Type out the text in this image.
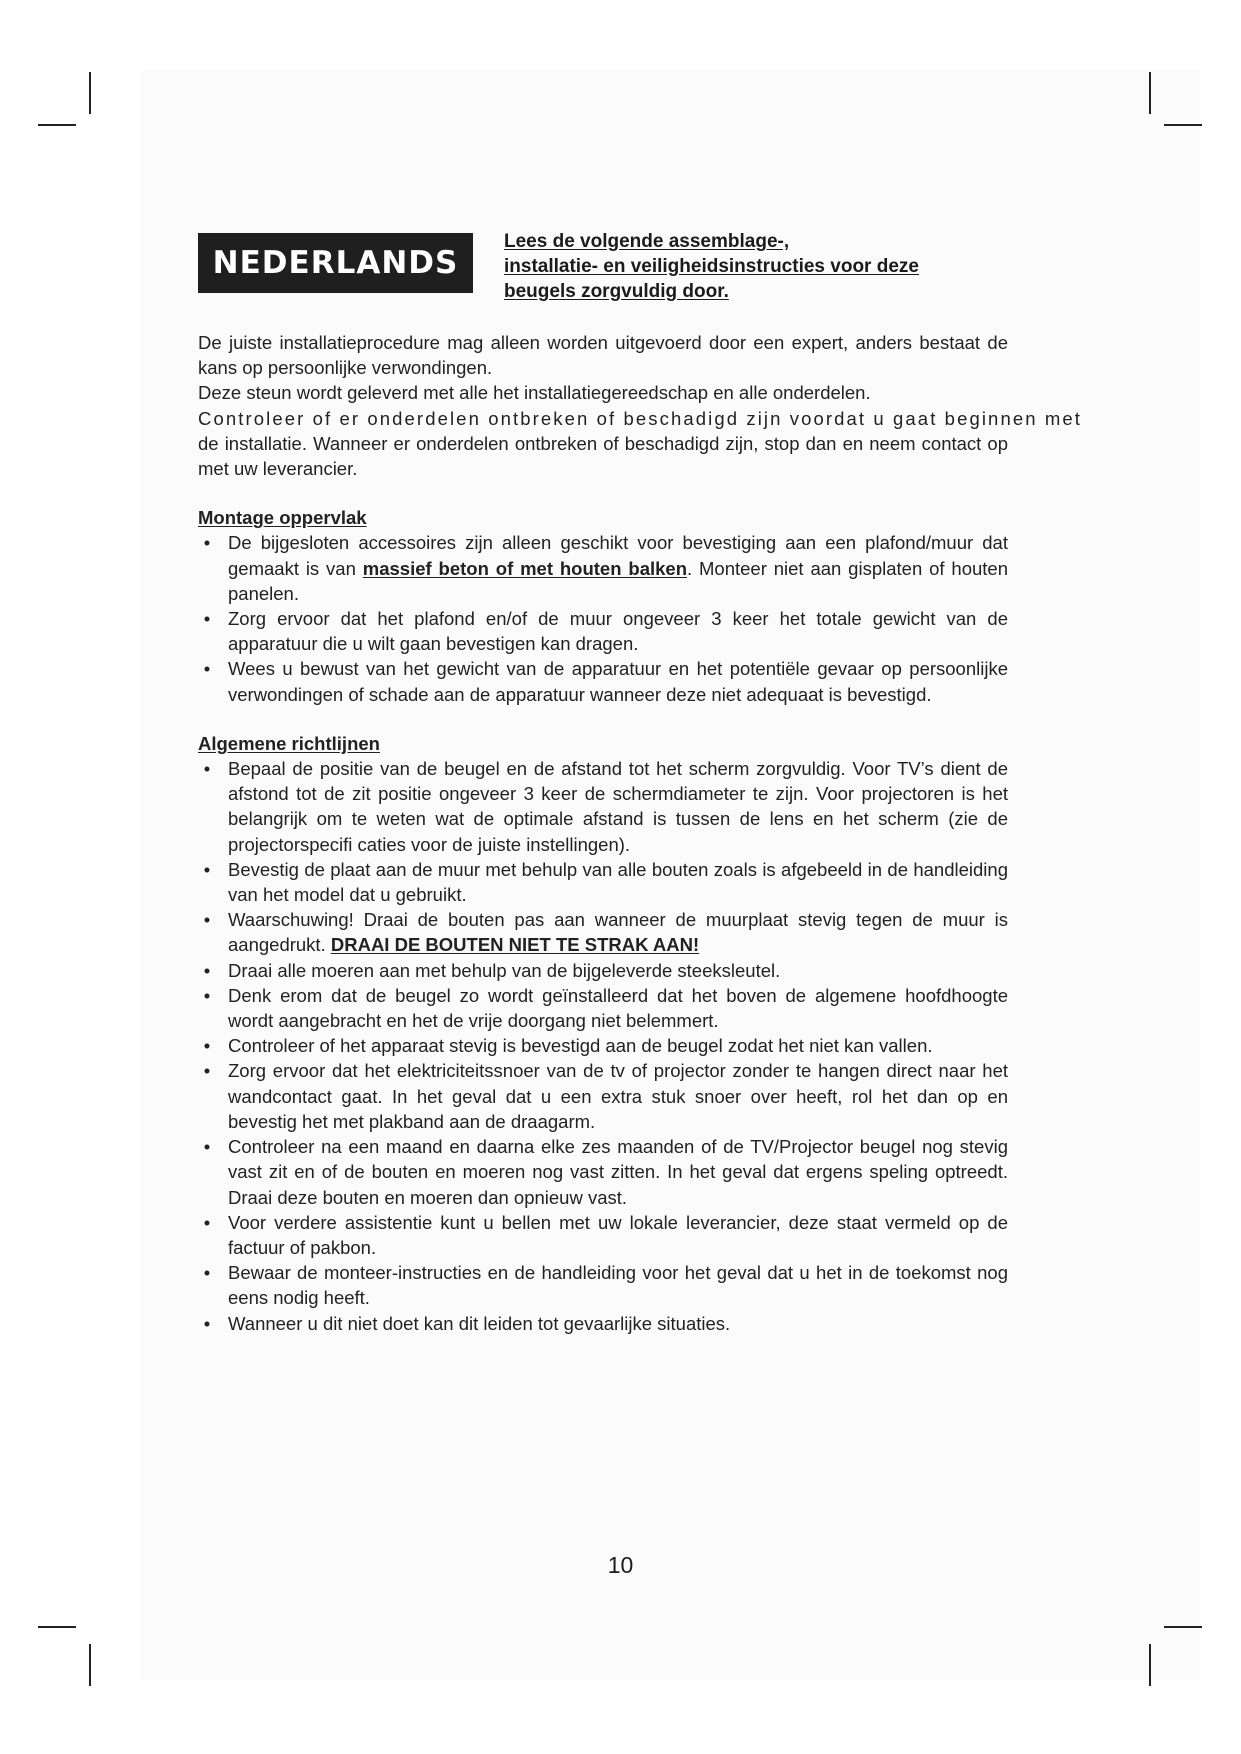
NEDERLANDS
Lees de volgende assemblage-,
installatie- en veiligheidsinstructies voor deze
beugels zorgvuldig door.

De juiste installatieprocedure mag alleen worden uitgevoerd door een expert, anders bestaat de kans op persoonlijke verwondingen.

Deze steun wordt geleverd met alle het installatiegereedschap en alle onderdelen.

Controleer of er onderdelen ontbreken of beschadigd zijn voordat u gaat beginnen met

de installatie. Wanneer er onderdelen ontbreken of beschadigd zijn, stop dan en neem contact op met uw leverancier.

Montage oppervlak

• De bijgesloten accessoires zijn alleen geschikt voor bevestiging aan een plafond/muur dat gemaakt is van massief beton of met houten balken. Monteer niet aan gisplaten of houten panelen.
• Zorg ervoor dat het plafond en/of de muur ongeveer 3 keer het totale gewicht van de apparatuur die u wilt gaan bevestigen kan dragen.
• Wees u bewust van het gewicht van de apparatuur en het potentiële gevaar op persoonlijke verwondingen of schade aan de apparatuur wanneer deze niet adequaat is bevestigd.

Algemene richtlijnen

• Bepaal de positie van de beugel en de afstand tot het scherm zorgvuldig. Voor TV’s dient de afstond tot de zit positie ongeveer 3 keer de schermdiameter te zijn. Voor projectoren is het belangrijk om te weten wat de optimale afstand is tussen de lens en het scherm (zie de projectorspecifi caties voor de juiste instellingen).
• Bevestig de plaat aan de muur met behulp van alle bouten zoals is afgebeeld in de handleiding van het model dat u gebruikt.
• Waarschuwing! Draai de bouten pas aan wanneer de muurplaat stevig tegen de muur is aangedrukt. DRAAI DE BOUTEN NIET TE STRAK AAN!
• Draai alle moeren aan met behulp van de bijgeleverde steeksleutel.
• Denk erom dat de beugel zo wordt geïnstalleerd dat het boven de algemene hoofdhoogte wordt aangebracht en het de vrije doorgang niet belemmert.
• Controleer of het apparaat stevig is bevestigd aan de beugel zodat het niet kan vallen.
• Zorg ervoor dat het elektriciteitssnoer van de tv of projector zonder te hangen direct naar het wandcontact gaat. In het geval dat u een extra stuk snoer over heeft, rol het dan op en bevestig het met plakband aan de draagarm.
• Controleer na een maand en daarna elke zes maanden of de TV/Projector beugel nog stevig vast zit en of de bouten en moeren nog vast zitten. In het geval dat ergens speling optreedt. Draai deze bouten en moeren dan opnieuw vast.
• Voor verdere assistentie kunt u bellen met uw lokale leverancier, deze staat vermeld op de factuur of pakbon.
• Bewaar de monteer-instructies en de handleiding voor het geval dat u het in de toekomst nog eens nodig heeft.
• Wanneer u dit niet doet kan dit leiden tot gevaarlijke situaties.
10
